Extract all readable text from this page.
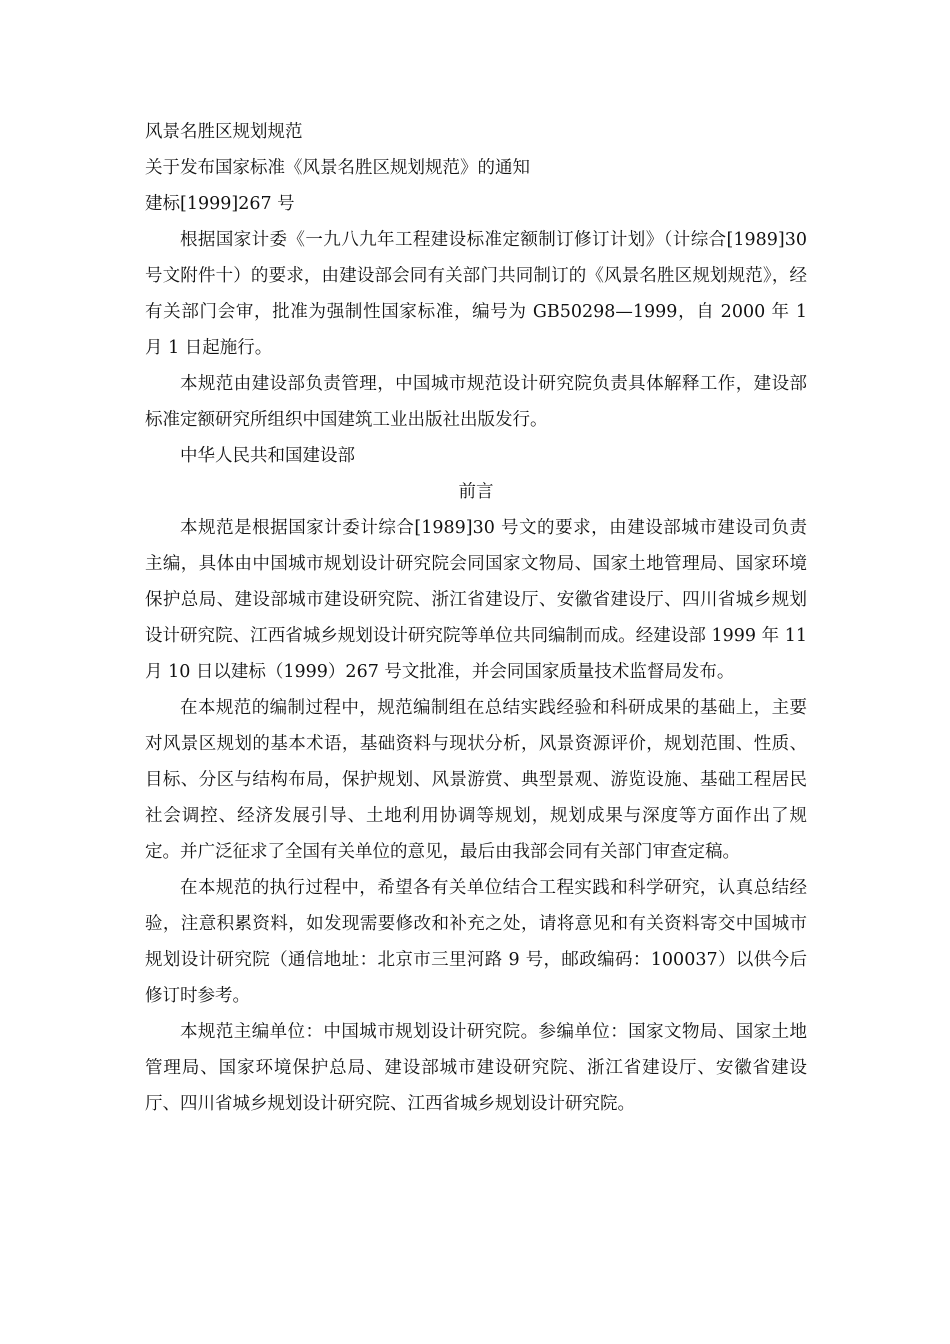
风景名胜区规划规范

关于发布国家标准《风景名胜区规划规范》的通知

建标[1999]267 号

根据国家计委《一九八九年工程建设标准定额制订修订计划》（计综合[1989]30 号文附件十）的要求，由建设部会同有关部门共同制订的《风景名胜区规划规范》，经有关部门会审，批准为强制性国家标准，编号为 GB50298—1999，自 2000 年 1 月 1 日起施行。

本规范由建设部负责管理，中国城市规范设计研究院负责具体解释工作，建设部标准定额研究所组织中国建筑工业出版社出版发行。

中华人民共和国建设部

前言

本规范是根据国家计委计综合[1989]30 号文的要求，由建设部城市建设司负责主编，具体由中国城市规划设计研究院会同国家文物局、国家土地管理局、国家环境保护总局、建设部城市建设研究院、浙江省建设厅、安徽省建设厅、四川省城乡规划设计研究院、江西省城乡规划设计研究院等单位共同编制而成。经建设部 1999 年 11 月 10 日以建标（1999）267 号文批准，并会同国家质量技术监督局发布。

在本规范的编制过程中，规范编制组在总结实践经验和科研成果的基础上，主要对风景区规划的基本术语，基础资料与现状分析，风景资源评价，规划范围、性质、目标、分区与结构布局，保护规划、风景游赏、典型景观、游览设施、基础工程居民社会调控、经济发展引导、土地利用协调等规划，规划成果与深度等方面作出了规定。并广泛征求了全国有关单位的意见，最后由我部会同有关部门审查定稿。

在本规范的执行过程中，希望各有关单位结合工程实践和科学研究，认真总结经验，注意积累资料，如发现需要修改和补充之处，请将意见和有关资料寄交中国城市规划设计研究院（通信地址：北京市三里河路 9 号，邮政编码：100037）以供今后修订时参考。

本规范主编单位：中国城市规划设计研究院。参编单位：国家文物局、国家土地管理局、国家环境保护总局、建设部城市建设研究院、浙江省建设厅、安徽省建设厅、四川省城乡规划设计研究院、江西省城乡规划设计研究院。
